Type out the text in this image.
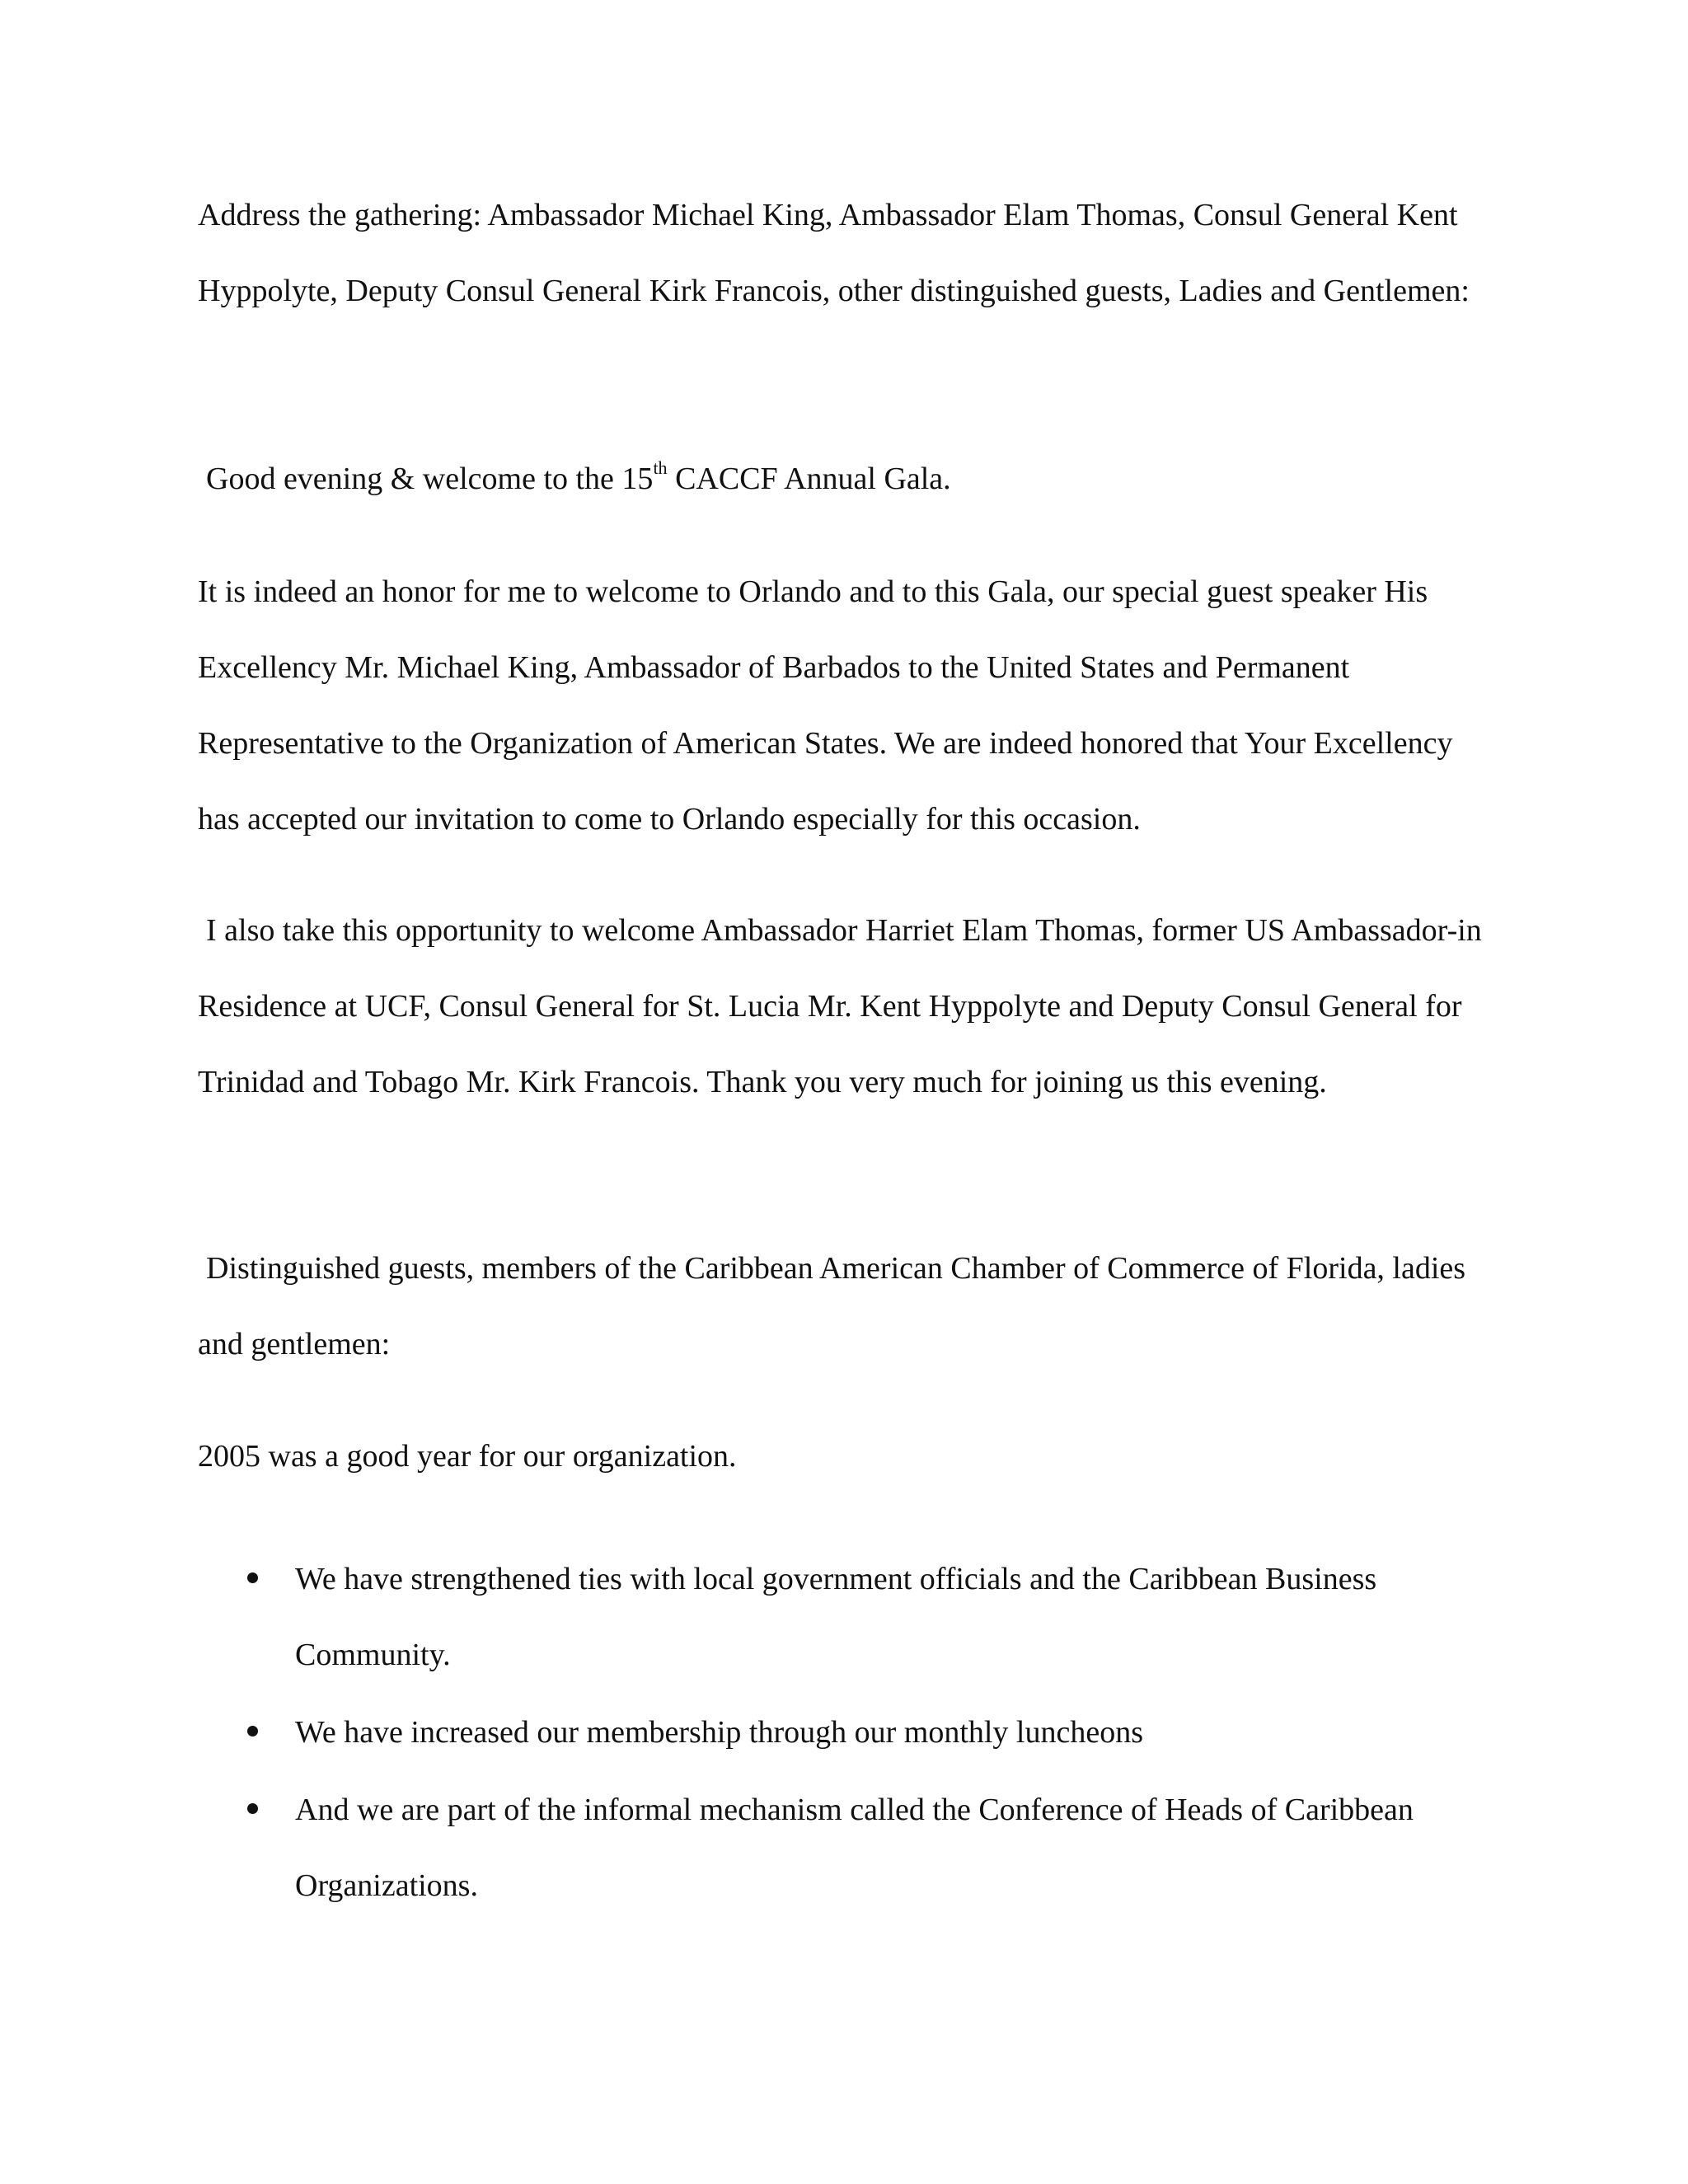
Address the gathering: Ambassador Michael King, Ambassador Elam Thomas, Consul General Kent Hyppolyte, Deputy Consul General Kirk Francois, other distinguished guests, Ladies and Gentlemen:

Good evening & welcome to the 15th CACCF Annual Gala.

It is indeed an honor for me to welcome to Orlando and to this Gala, our special guest speaker His Excellency Mr. Michael King, Ambassador of Barbados to the United States and Permanent Representative to the Organization of American States. We are indeed honored that Your Excellency has accepted our invitation to come to Orlando especially for this occasion.

I also take this opportunity to welcome Ambassador Harriet Elam Thomas, former US Ambassador-in Residence at UCF, Consul General for St. Lucia Mr. Kent Hyppolyte and Deputy Consul General for Trinidad and Tobago Mr. Kirk Francois. Thank you very much for joining us this evening.

Distinguished guests, members of the Caribbean American Chamber of Commerce of Florida, ladies and gentlemen:

2005 was a good year for our organization.

We have strengthened ties with local government officials and the Caribbean Business Community.
We have increased our membership through our monthly luncheons
And we are part of the informal mechanism called the Conference of Heads of Caribbean Organizations.
